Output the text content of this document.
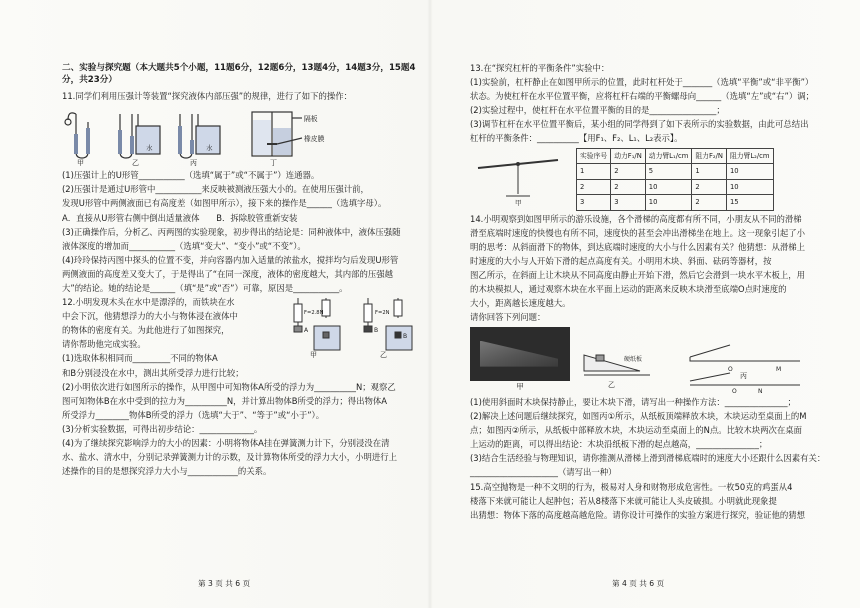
二、实验与探究题（本大题共5个小题，11题6分，12题6分，13题4分，14题3分，15题4分，共23分）

11.同学们利用压强计等装置“探究液体内部压强”的规律，进行了如下的操作：

甲
水
乙
水
丙
隔板
橡皮膜
丁

(1)压强计上的U形管___________（选填“属于”或“不属于”）连通器。

(2)压强计是通过U形管中___________来反映被测液压强大小的。在使用压强计前，

发现U形管中两侧液面已有高度差（如图甲所示），接下来的操作是______（选填字母）。

A．直接从U形管右侧中倒出适量液体　　B．拆除胶管重新安装

(3)正确操作后，分析乙、丙两图的实验现象，初步得出的结论是：同种液体中，液体压强随

液体深度的增加而___________（选填“变大”、“变小”或“不变”）。

(4)玲玲保持丙图中探头的位置不变，并向容器内加入适量的浓盐水，搅拌均匀后发现U形管

两侧液面的高度差又变大了，于是得出了“在同一深度，液体的密度越大，其内部的压强越

大”的结论。她的结论是______（填“是”或“否”）可靠，原因是___________。

12.小明发现木头在水中是漂浮的，而铁块在水

中会下沉，他猜想浮力的大小与物体浸在液体中

的物体的密度有关。为此他进行了如图探究，

请你帮助他完成实验。

(1)选取体积相同而_________不同的物体A

A	B
B
甲	乙
F=2.8N	F=2N

和B分别浸没在水中，测出其所受浮力进行比较；

(2)小明依次进行如图所示的操作，从甲图中可知物体A所受的浮力为__________N；观察乙

图可知物体B在水中受到的拉力为__________N，并计算出物体B所受的浮力；得出物体A

所受浮力________物体B所受的浮力（选填“大于”、“等于”或“小于”）。

(3)分析实验数据，可得出初步结论：_____________。

(4)为了继续探究影响浮力的大小的因素：小明将物体A挂在弹簧测力计下，分别浸没在清

水、盐水、清水中，分别记录弹簧测力计的示数，及计算物体所受的浮力大小，小明进行上

述操作的目的是想探究浮力大小与____________的关系。

13.在“探究杠杆的平衡条件”实验中：

(1)实验前，杠杆静止在如图甲所示的位置，此时杠杆处于_______（选填“平衡”或“非平衡”）

状态。为使杠杆在水平位置平衡，应将杠杆右端的平衡螺母向______（选填“左”或“右”）调；

(2)实验过程中，使杠杆在水平位置平衡的目的是________________；

(3)调节杠杆在水平位置平衡后，某小组的同学得到了如下表所示的实验数据，由此可总结出

杠杆的平衡条件：__________【用F₁、F₂、L₁、L₂表示】。

甲
实验序号	动力F₁/N	动力臂L₁/cm	阻力F₂/N	阻力臂L₂/cm
1	2	5	1	10
2	2	10	2	10
3	3	10	2	15

14.小明观察到如图甲所示的游乐设施，各个滑梯的高度都有所不同，小朋友从不同的滑梯

滑至底端时速度的快慢也有所不同，速度快的甚至会冲出滑梯坐在地上。这一现象引起了小

明的思考：从斜面滑下的物体，到达底端时速度的大小与什么因素有关？他猜想：从滑梯上

时速度的大小与人开始下滑的起点高度有关。小明用木块、斜面、砝码等器材，按

图乙所示，在斜面上让木块从不同高度由静止开始下滑，然后它会滑到一块水平木板上，用

的木块模拟人，通过观察木块在水平面上运动的距离来反映木块滑至底端O点时速度的

大小，距离越长速度越大。

请你回答下列问题：

甲
硬纸板
O	M
N
O
乙
丙

(1)使用斜面时木块保持静止，要让木块下滑，请写出一种操作方法：_______________；

(2)解决上述问题后继续探究，如图丙①所示，从纸板顶端释放木块，木块运动至桌面上的M

点；如图丙②所示，从纸板中部释放木块，木块运动至桌面上的N点。比较木块两次在桌面

上运动的距离，可以得出结论：木块沿纸板下滑的起点越高，_______________；

(3)结合生活经验与物理知识，请你推测从滑梯上滑到滑梯底端时的速度大小还跟什么因素有关：

_____________________（请写出一种）

15.高空抛物是一种不文明的行为，极易对人身和财物形成危害性。一枚50克的鸡蛋从4

楼落下来就可能让人起肿包；若从8楼落下来就可能让人头皮破损。小明就此现象提

出猜想：物体下落的高度越高越危险。请你设计可操作的实验方案进行探究，验证他的猜想

第 3 页 共 6 页	第 4 页 共 6 页
